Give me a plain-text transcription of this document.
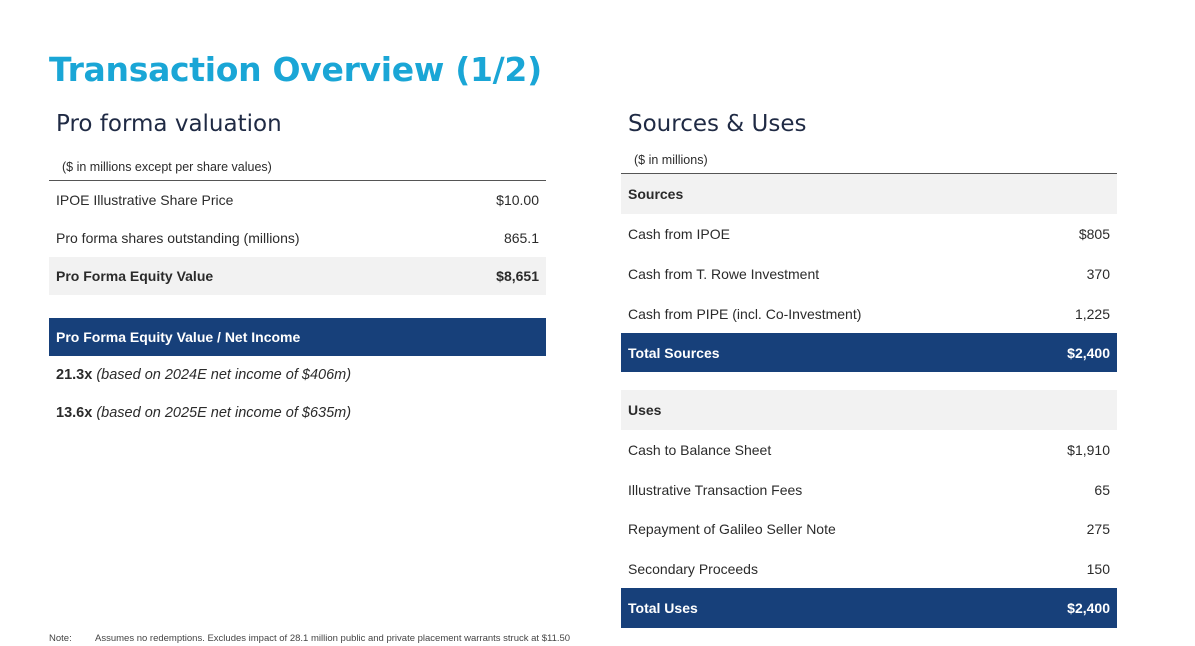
Transaction Overview (1/2)
Pro forma valuation
($ in millions except per share values)
IPOE Illustrative Share Price	$10.00
Pro forma shares outstanding (millions)	865.1
Pro Forma Equity Value	$8,651
Pro Forma Equity Value / Net Income
21.3x (based on 2024E net income of $406m)
13.6x (based on 2025E net income of $635m)
Sources & Uses
($ in millions)
Sources
Cash from IPOE	$805
Cash from T. Rowe Investment	370
Cash from PIPE (incl. Co-Investment)	1,225
Total Sources	$2,400
Uses
Cash to Balance Sheet	$1,910
Illustrative Transaction Fees	65
Repayment of Galileo Seller Note	275
Secondary Proceeds	150
Total Uses	$2,400
Note: Assumes no redemptions. Excludes impact of 28.1 million public and private placement warrants struck at $11.50
